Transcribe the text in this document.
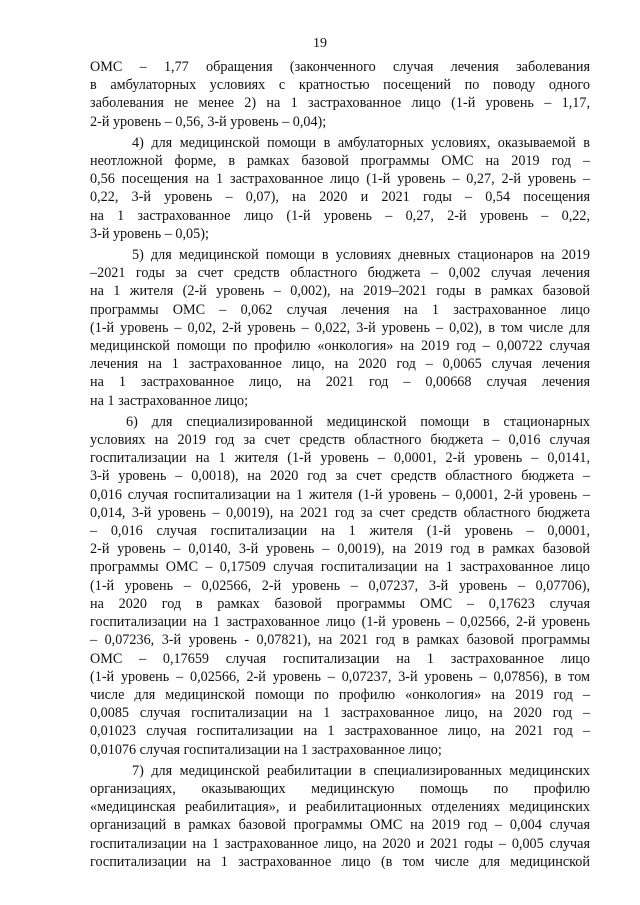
19
ОМС – 1,77 обращения (законченного случая лечения заболевания
в амбулаторных условиях с кратностью посещений по поводу одного
заболевания не менее 2) на 1 застрахованное лицо (1-й уровень – 1,17,
2-й уровень – 0,56, 3-й уровень – 0,04);
4) для медицинской помощи в амбулаторных условиях, оказываемой в
неотложной форме, в рамках базовой программы ОМС на 2019 год –
0,56 посещения на 1 застрахованное лицо (1-й уровень – 0,27, 2-й уровень –
0,22, 3-й уровень – 0,07), на 2020 и 2021 годы – 0,54 посещения
на 1 застрахованное лицо (1-й уровень – 0,27, 2-й уровень – 0,22,
3-й уровень – 0,05);
5) для медицинской помощи в условиях дневных стационаров на 2019
–2021 годы за счет средств областного бюджета – 0,002 случая лечения
на 1 жителя (2-й уровень – 0,002), на 2019–2021 годы в рамках базовой
программы ОМС – 0,062 случая лечения на 1 застрахованное лицо
(1-й уровень – 0,02, 2-й уровень – 0,022, 3-й уровень – 0,02), в том числе для
медицинской помощи по профилю «онкология» на 2019 год – 0,00722 случая
лечения на 1 застрахованное лицо, на 2020 год – 0,0065 случая лечения
на 1 застрахованное лицо, на 2021 год – 0,00668 случая лечения
на 1 застрахованное лицо;
6) для специализированной медицинской помощи в стационарных
условиях на 2019 год за счет средств областного бюджета – 0,016 случая
госпитализации на 1 жителя (1-й уровень – 0,0001, 2-й уровень – 0,0141,
3-й уровень – 0,0018), на 2020 год за счет средств областного бюджета –
0,016 случая госпитализации на 1 жителя (1-й уровень – 0,0001, 2-й уровень –
0,014, 3-й уровень – 0,0019), на 2021 год за счет средств областного бюджета
– 0,016 случая госпитализации на 1 жителя (1-й уровень – 0,0001,
2-й уровень – 0,0140, 3-й уровень – 0,0019), на 2019 год в рамках базовой
программы ОМС – 0,17509 случая госпитализации на 1 застрахованное лицо
(1-й уровень – 0,02566, 2-й уровень – 0,07237, 3-й уровень – 0,07706),
на 2020 год в рамках базовой программы ОМС – 0,17623 случая
госпитализации на 1 застрахованное лицо (1-й уровень – 0,02566, 2-й уровень
– 0,07236, 3-й уровень - 0,07821), на 2021 год в рамках базовой программы
ОМС – 0,17659 случая госпитализации на 1 застрахованное лицо
(1-й уровень – 0,02566, 2-й уровень – 0,07237, 3-й уровень – 0,07856), в том
числе для медицинской помощи по профилю «онкология» на 2019 год –
0,0085 случая госпитализации на 1 застрахованное лицо, на 2020 год –
0,01023 случая госпитализации на 1 застрахованное лицо, на 2021 год –
0,01076 случая госпитализации на 1 застрахованное лицо;
7) для медицинской реабилитации в специализированных медицинских
организациях, оказывающих медицинскую помощь по профилю
«медицинская реабилитация», и реабилитационных отделениях медицинских
организаций в рамках базовой программы ОМС на 2019 год – 0,004 случая
госпитализации на 1 застрахованное лицо, на 2020 и 2021 годы – 0,005 случая
госпитализации на 1 застрахованное лицо (в том числе для медицинской
